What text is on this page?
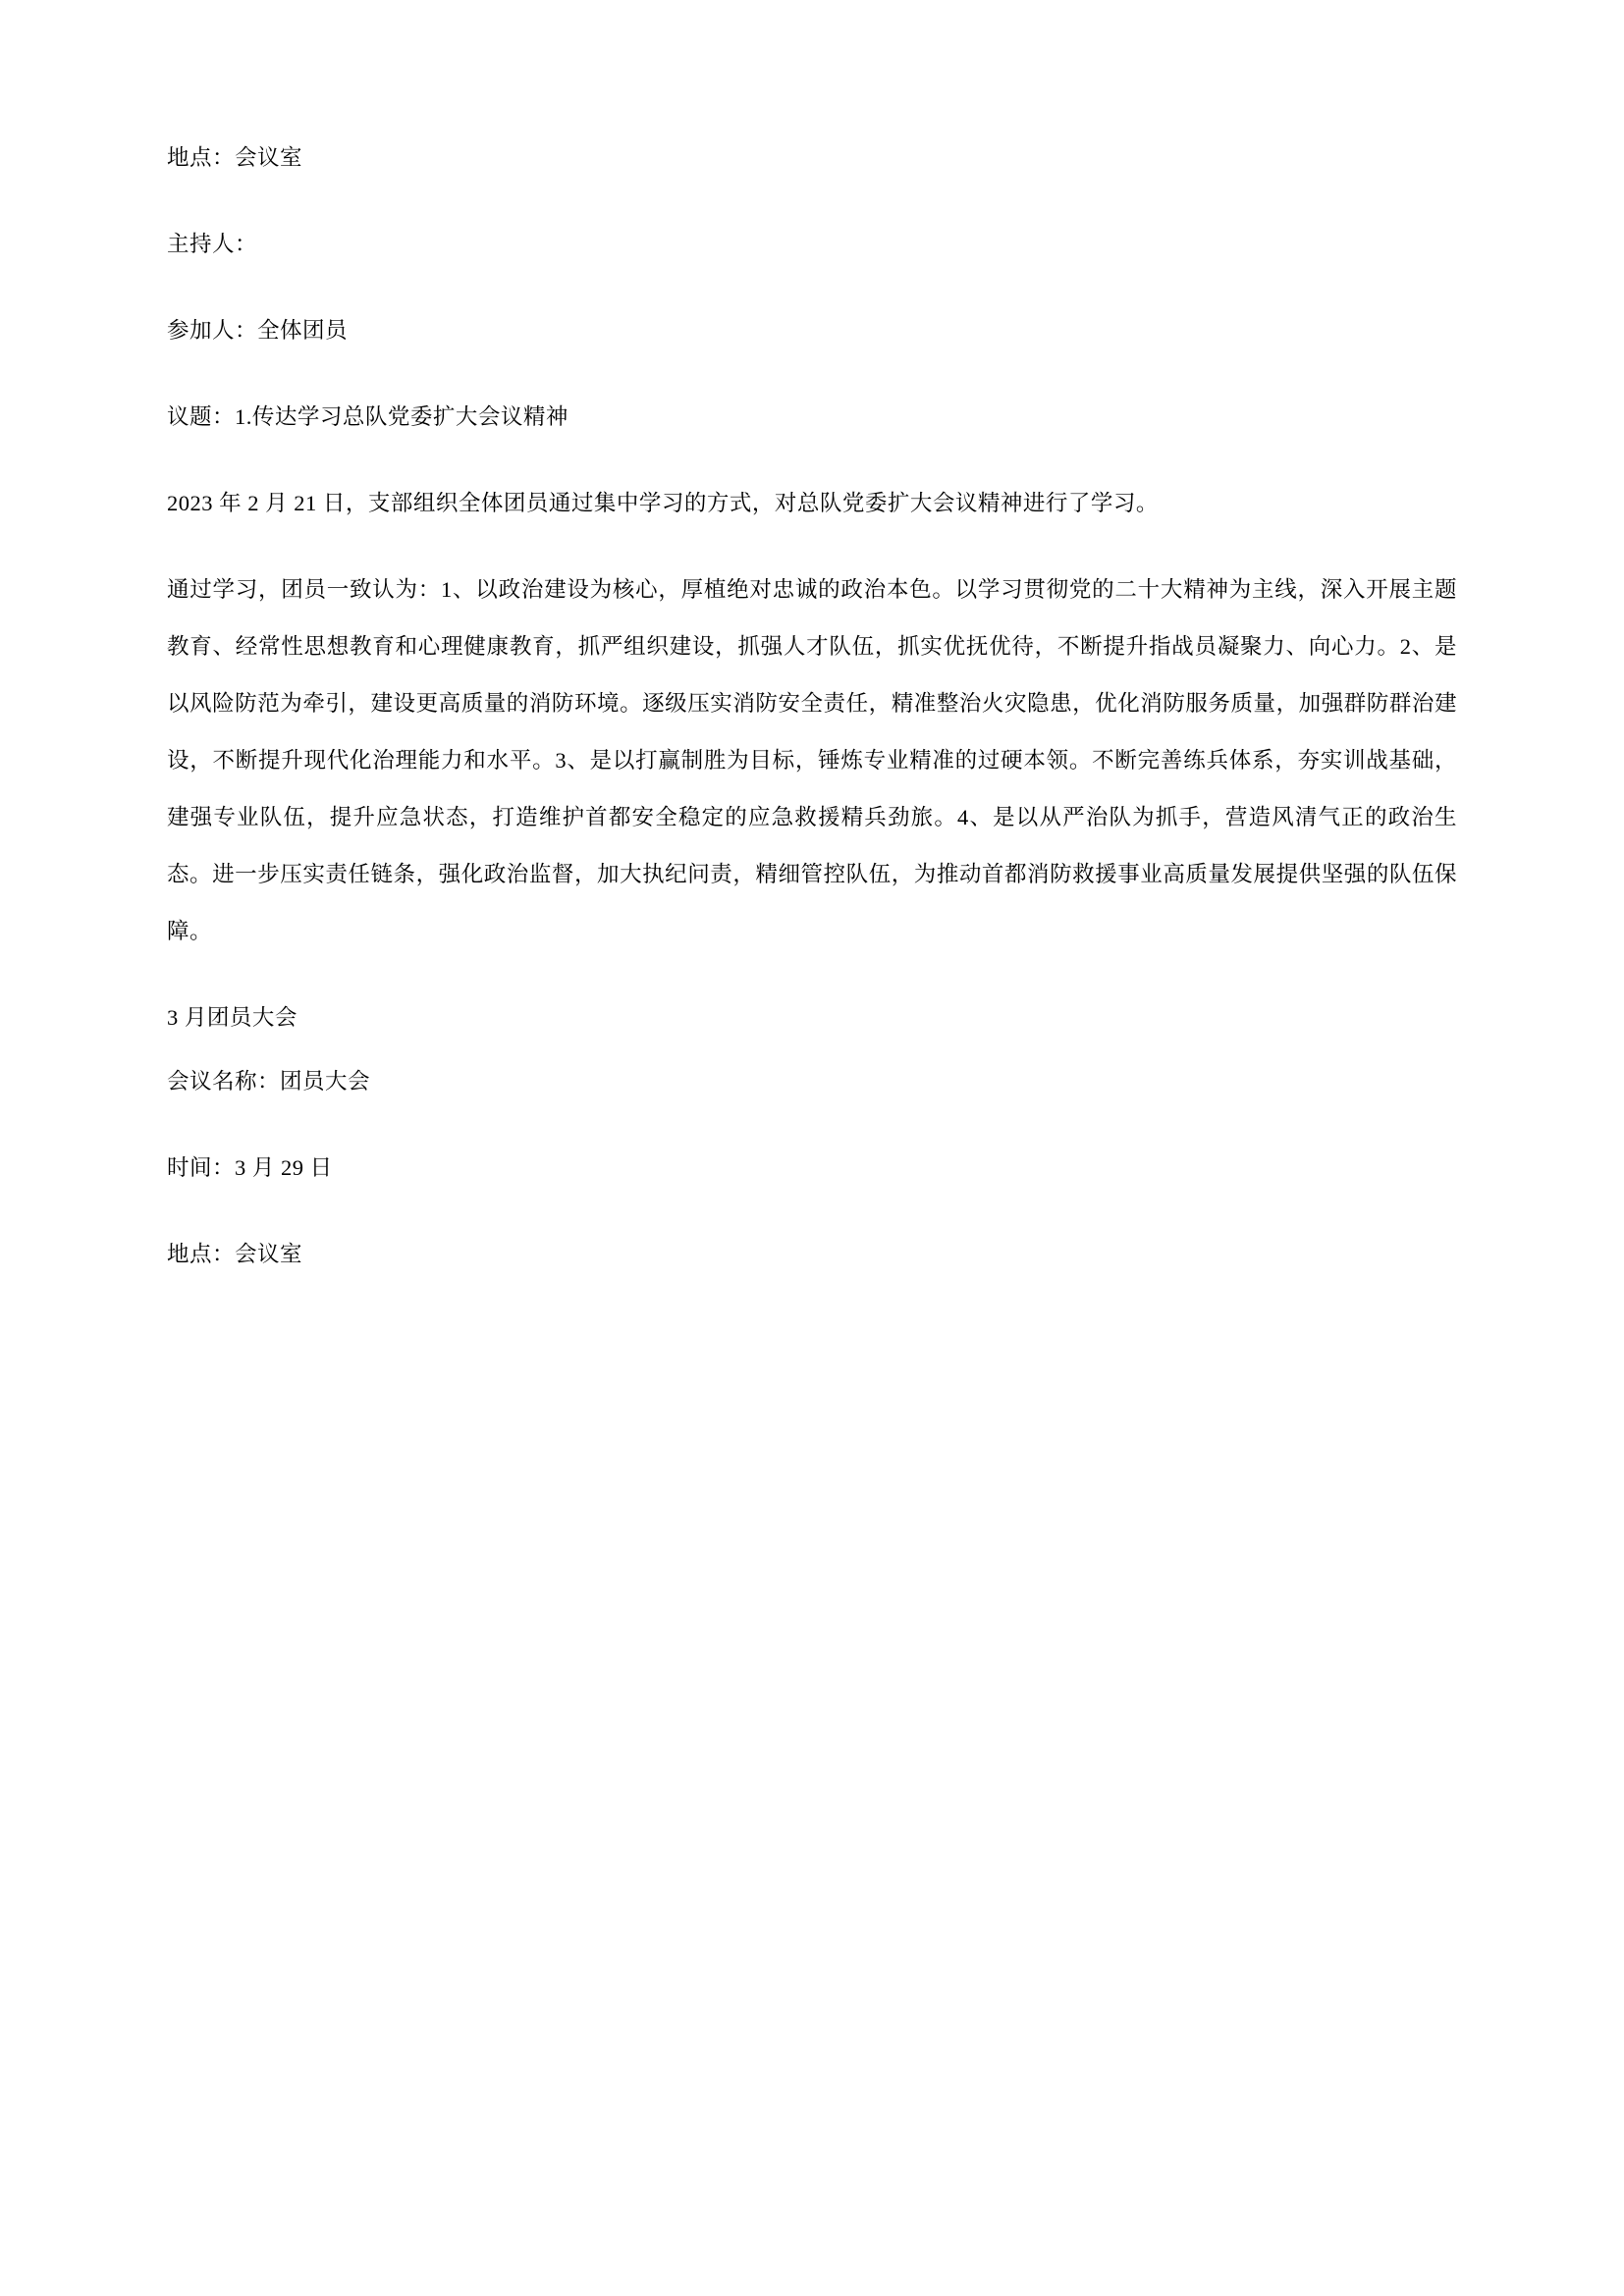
地点：会议室

主持人：

参加人：全体团员

议题：1.传达学习总队党委扩大会议精神

2023 年 2 月 21 日，支部组织全体团员通过集中学习的方式，对总队党委扩大会议精神进行了学习。

通过学习，团员一致认为：1、以政治建设为核心，厚植绝对忠诚的政治本色。以学习贯彻党的二十大精神为主线，深入开展主题教育、经常性思想教育和心理健康教育，抓严组织建设，抓强人才队伍，抓实优抚优待，不断提升指战员凝聚力、向心力。2、是以风险防范为牵引，建设更高质量的消防环境。逐级压实消防安全责任，精准整治火灾隐患，优化消防服务质量，加强群防群治建设，不断提升现代化治理能力和水平。3、是以打赢制胜为目标，锤炼专业精准的过硬本领。不断完善练兵体系，夯实训战基础，建强专业队伍，提升应急状态，打造维护首都安全稳定的应急救援精兵劲旅。4、是以从严治队为抓手，营造风清气正的政治生态。进一步压实责任链条，强化政治监督，加大执纪问责，精细管控队伍，为推动首都消防救援事业高质量发展提供坚强的队伍保障。

3 月团员大会

会议名称：团员大会

时间：3 月 29 日

地点：会议室
